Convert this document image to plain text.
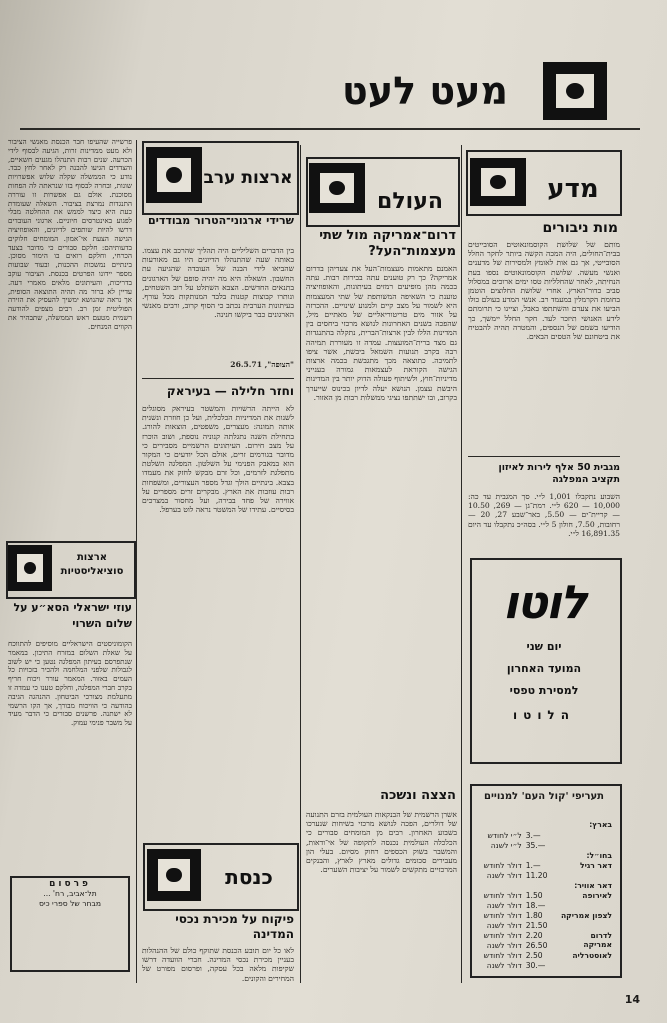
מעט לעט
מדע
העולם
ארצות ערב
מות ניבורים
מותם של שלושת הקוסמונאוטים הסובייטים בבית־החולים, היה המכה הקשה ביותר לחקר החלל הסובייטי, אך גם אות לאומץ ולמסירות של מדענים ואנשי מעשה. שלושת הקוסמונאוטים נספו בעת הנחיתה, לאחר שהחלליות טסו ימים ארוכים במסלול סביב כדור־הארץ. אחרי שלושת החלוצים הוטמן בחומת הקרמלין במעמד רב. אנשי המדע בעולם כולו הביעו את צערם והשתתפו באבל, וציינו כי תרומתם לידע האנושי תיזכר לעד. חקר החלל יימשך, כך הודיעו בשמם של הנספים, והמטרה תהיה להבטיח את ביטחונם של הטסים הבאים.
מגבית 50 אלף לירות לאיזון תקציב המפלגה
השבוע נתקבלו 1,001 ל״י. סך המגבית עד כה: 10,000 — 620 ל״י. רמת־גן — 269, 10.50 — קריית־ים — 5.50, באר־שבע 27, 20 — רחובות, 7.50, חולון 5 ל״י. בסה״כ נתקבלו עד היום 16,891.35 ל״י.
לוטו
יום שני
המועד האחרון
למסירת טפסי
הלוטו
תעריפי 'קול העם' למנויים
בארץ:
3.—
ל״י לחודש
35.—
ל״י לשנה
בחו״ל:
דאר רגיל
1.—
דולר לחודש
11.20
דולר לשנה
דאר אוויר:
לאירופה
1.50
דולר לחודש
18.—
דולר לשנה
לצפון אמריקה
1.80
דולר לחודש
21.50
דולר לשנה
לדרום אמריקה
2.20
דולר לחודש
26.50
דולר לשנה
לאוסטרליה
2.50
דולר לחודש
30.—
דולר לשנה
דרום־אמריקה מול שתי מעצמות־העל?
האמנם מתאמות מעצמות־העל את צעדיהן בדרום אמריקה? כך רק טוענים עתה בבירות רבות. עתה בכמה מהן מופיעים רמזים בעיתונות, והאופוזיציה טוענת כי השאיפה המשותפת של שתי המעצמות היא לשמור על מצב קיים ולמנוע שינויים. ההכרזה על אזור מים טריטוריאליים של מאתיים מיל, שהפכה בשנים האחרונות לנושא מרכזי ביחסים בין המדינות הללו לבין ארצות־הברית, נתקלה בהתנגדות גם מצד ברית־המועצות. עמדה זו מעוררת תמיהה רבה בקרב תנועות השמאל ביבשת, אשר ציפו לתמיכה. כתוצאה מכך מתגבשת בכמה ארצות הגישה הקוראת לעצמאות גמורה בענייני מדיניות־חוץ, ולשיתוף פעולה הדוק יותר בין המדינות היבשת עצמן. הנושא יעלה לדיון בכינוס שייערך בקרוב, ובו ישתתפו נציגי ממשלות רבות מן האזור.
הצצה ונשכה
אשרן הרשמית של הבנקאות העולמית בזרם התנועה של דולרים, הפכה לנושא מרכזי בשיחות שנערכו בשבוע האחרון. רבים מן המומחים סבורים כי הכלכלה העולמית נכנסה לתקופה של אי־ודאות, והמשבר בשוק הכספים רחוק מסיום. בעלי הון מעבירים סכומים גדולים מארץ לארץ, והבנקים המרכזיים מתקשים לשמור על יציבות השערים.
שרידי ארגוני־הטרור מבודדים
בין הדברים השליליים היה תהליך שהרכב את עצמו. באותה שעה שהתנהלו הדיונים היו גם מאורעות שהביאו לידי הבנה של העובדה שהגיעה עת החשבון. השאלה היא מה יהיה סופם של הארגונים בתנאים החדשים. הצבא השתלט על רוב השטחים, ונותרו קבוצות קטנות בלבד המנותקות מכל עורף. בעיתונות הערבית נכתב כי הסוף קרוב, ורבים מאנשי הארגונים כבר ביקשו חנינה.
"הצופה", 26.5.71
וחזר חלילה — בעיראק
לא הייתה הרשויות והמשטר בעיראק מסוגלים לשנות את המדיניות הכלכלית, ועל כן חוזרת ונשנית אותה תמונה: מעצרים, משפטים, הוצאות להורג. בתחילת השנה נתגלתה קנוניה נוספת, ושוב הוכרז על מצב חירום. העיתונים הרשמיים מסבירים כי מדובר בגורמים זרים, אולם הכל יודעים כי המקור הוא במאבק הפנימי על השלטון. המפלגה השלטת מתפלגת לזרמים, וכל זרם מבקש לחזק את מעמדו בצבא. בינתיים הולך וגדל מספר העצורים, ומשפחות רבות עוזבות את הארץ. מבקרים זרים מספרים על אווירה של פחד בבירה, ועל מחסור במצרכים בסיסיים. עתידו של המשטר נראה לוט בערפל.
כנסת
פיקוח על מכירת נכסי המדינה
לאו כל יום תובע הכנסת שתוקף כולם של ההנהלות בעניין מכירת נכסי המדינה. חברי הוועדה דרשו שקיפות מלאה בכל עסקה, ופרסום מפורט של המחירים והקונים.
פרשייה שהעיפו חבר הכנסת מאנשי הציבור ולא מעט ממדינות זרות, הגיעה לבסוף לידי הכרעה. שנים רבות התנהלו מגעים חשאיים, והצדדים הגיעו להבנה רק לאחר לחץ כבד. נודע כי הממשלה שקלה שלוש אפשרויות שונות, ובחרה לבסוף בזו שנראתה לה הפחות מסוכנת. אולם גם אפשרות זו עוררה התנגדות נמרצת בציבור. השאלה שעומדת כעת היא כיצד לממש את ההחלטה מבלי לפגוע באינטרסים חיוניים. ארגוני העובדים דרשו להיות שותפים לדיונים, והאופוזיציה הגישה הצעת אי־אמון. המומחים חלוקים בדעותיהם: חלקם סבורים כי מדובר בצעד הכרחי, וחלקם רואים בו הימור מסוכן. בינתיים נמשכות ההכנות, ובעוד שבועות מספר יידונו הפרטים בכנסת. הציבור עוקב בדריכות, והעיתונים מלאים מאמרי דעה. עדיין לא ברור מה תהיה התוצאה הסופית, אך נראה שהנושא ימשיך להעסיק את הזירה הפוליטית זמן רב. רבים מצפים להודעה רשמית מטעם ראש הממשלה, שתבהיר את הקווים המנחים.
ארצות סוציאליסטיות
עוזי ישראלי הסא״ע על שלום השרוי
הקומוניסטים הישראליים מוסיפים להתווכח על שאלת השלום במזרח התיכון. במאמר שנתפרסם בעיתון המפלגה נטען כי יש לשוב לגבולות שלפני המלחמה ולהכיר בזכויות כל העמים באזור. המאמר עורר ויכוח חריף בקרב חברי המפלגה, וחלקם טענו כי עמדה זו מתעלמת מצורכי הביטחון. ההנהגה הגיבה בהודעה כי הוויכוח מבורך, אך הקו הרשמי לא ישתנה. פרשנים סבורים כי הדבר מעיד על משבר פנימי עמוק.
פרסום
תל־אביב, רח' ...
מבחר של ספרי כיס
14
